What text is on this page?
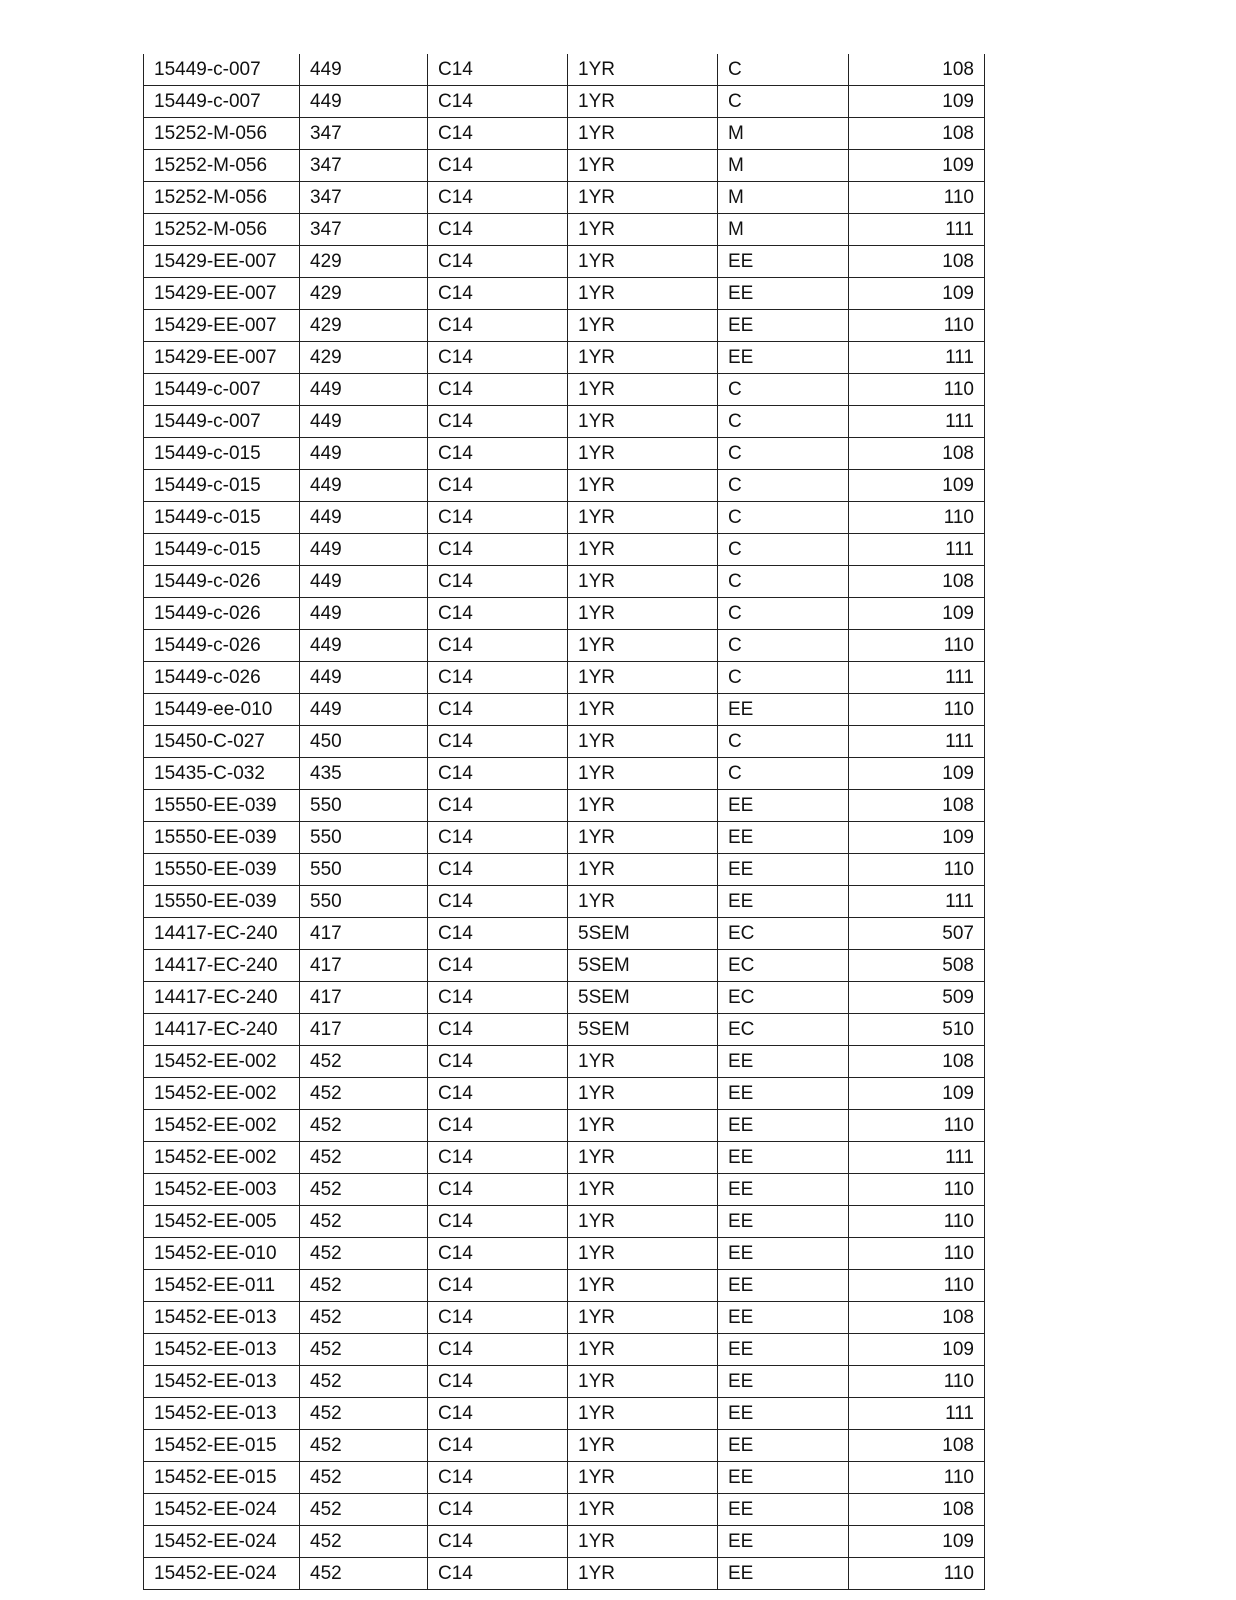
15449-c-007	449	C14	1YR	C	108
15449-c-007	449	C14	1YR	C	109
15252-M-056	347	C14	1YR	M	108
15252-M-056	347	C14	1YR	M	109
15252-M-056	347	C14	1YR	M	110
15252-M-056	347	C14	1YR	M	111
15429-EE-007	429	C14	1YR	EE	108
15429-EE-007	429	C14	1YR	EE	109
15429-EE-007	429	C14	1YR	EE	110
15429-EE-007	429	C14	1YR	EE	111
15449-c-007	449	C14	1YR	C	110
15449-c-007	449	C14	1YR	C	111
15449-c-015	449	C14	1YR	C	108
15449-c-015	449	C14	1YR	C	109
15449-c-015	449	C14	1YR	C	110
15449-c-015	449	C14	1YR	C	111
15449-c-026	449	C14	1YR	C	108
15449-c-026	449	C14	1YR	C	109
15449-c-026	449	C14	1YR	C	110
15449-c-026	449	C14	1YR	C	111
15449-ee-010	449	C14	1YR	EE	110
15450-C-027	450	C14	1YR	C	111
15435-C-032	435	C14	1YR	C	109
15550-EE-039	550	C14	1YR	EE	108
15550-EE-039	550	C14	1YR	EE	109
15550-EE-039	550	C14	1YR	EE	110
15550-EE-039	550	C14	1YR	EE	111
14417-EC-240	417	C14	5SEM	EC	507
14417-EC-240	417	C14	5SEM	EC	508
14417-EC-240	417	C14	5SEM	EC	509
14417-EC-240	417	C14	5SEM	EC	510
15452-EE-002	452	C14	1YR	EE	108
15452-EE-002	452	C14	1YR	EE	109
15452-EE-002	452	C14	1YR	EE	110
15452-EE-002	452	C14	1YR	EE	111
15452-EE-003	452	C14	1YR	EE	110
15452-EE-005	452	C14	1YR	EE	110
15452-EE-010	452	C14	1YR	EE	110
15452-EE-011	452	C14	1YR	EE	110
15452-EE-013	452	C14	1YR	EE	108
15452-EE-013	452	C14	1YR	EE	109
15452-EE-013	452	C14	1YR	EE	110
15452-EE-013	452	C14	1YR	EE	111
15452-EE-015	452	C14	1YR	EE	108
15452-EE-015	452	C14	1YR	EE	110
15452-EE-024	452	C14	1YR	EE	108
15452-EE-024	452	C14	1YR	EE	109
15452-EE-024	452	C14	1YR	EE	110
